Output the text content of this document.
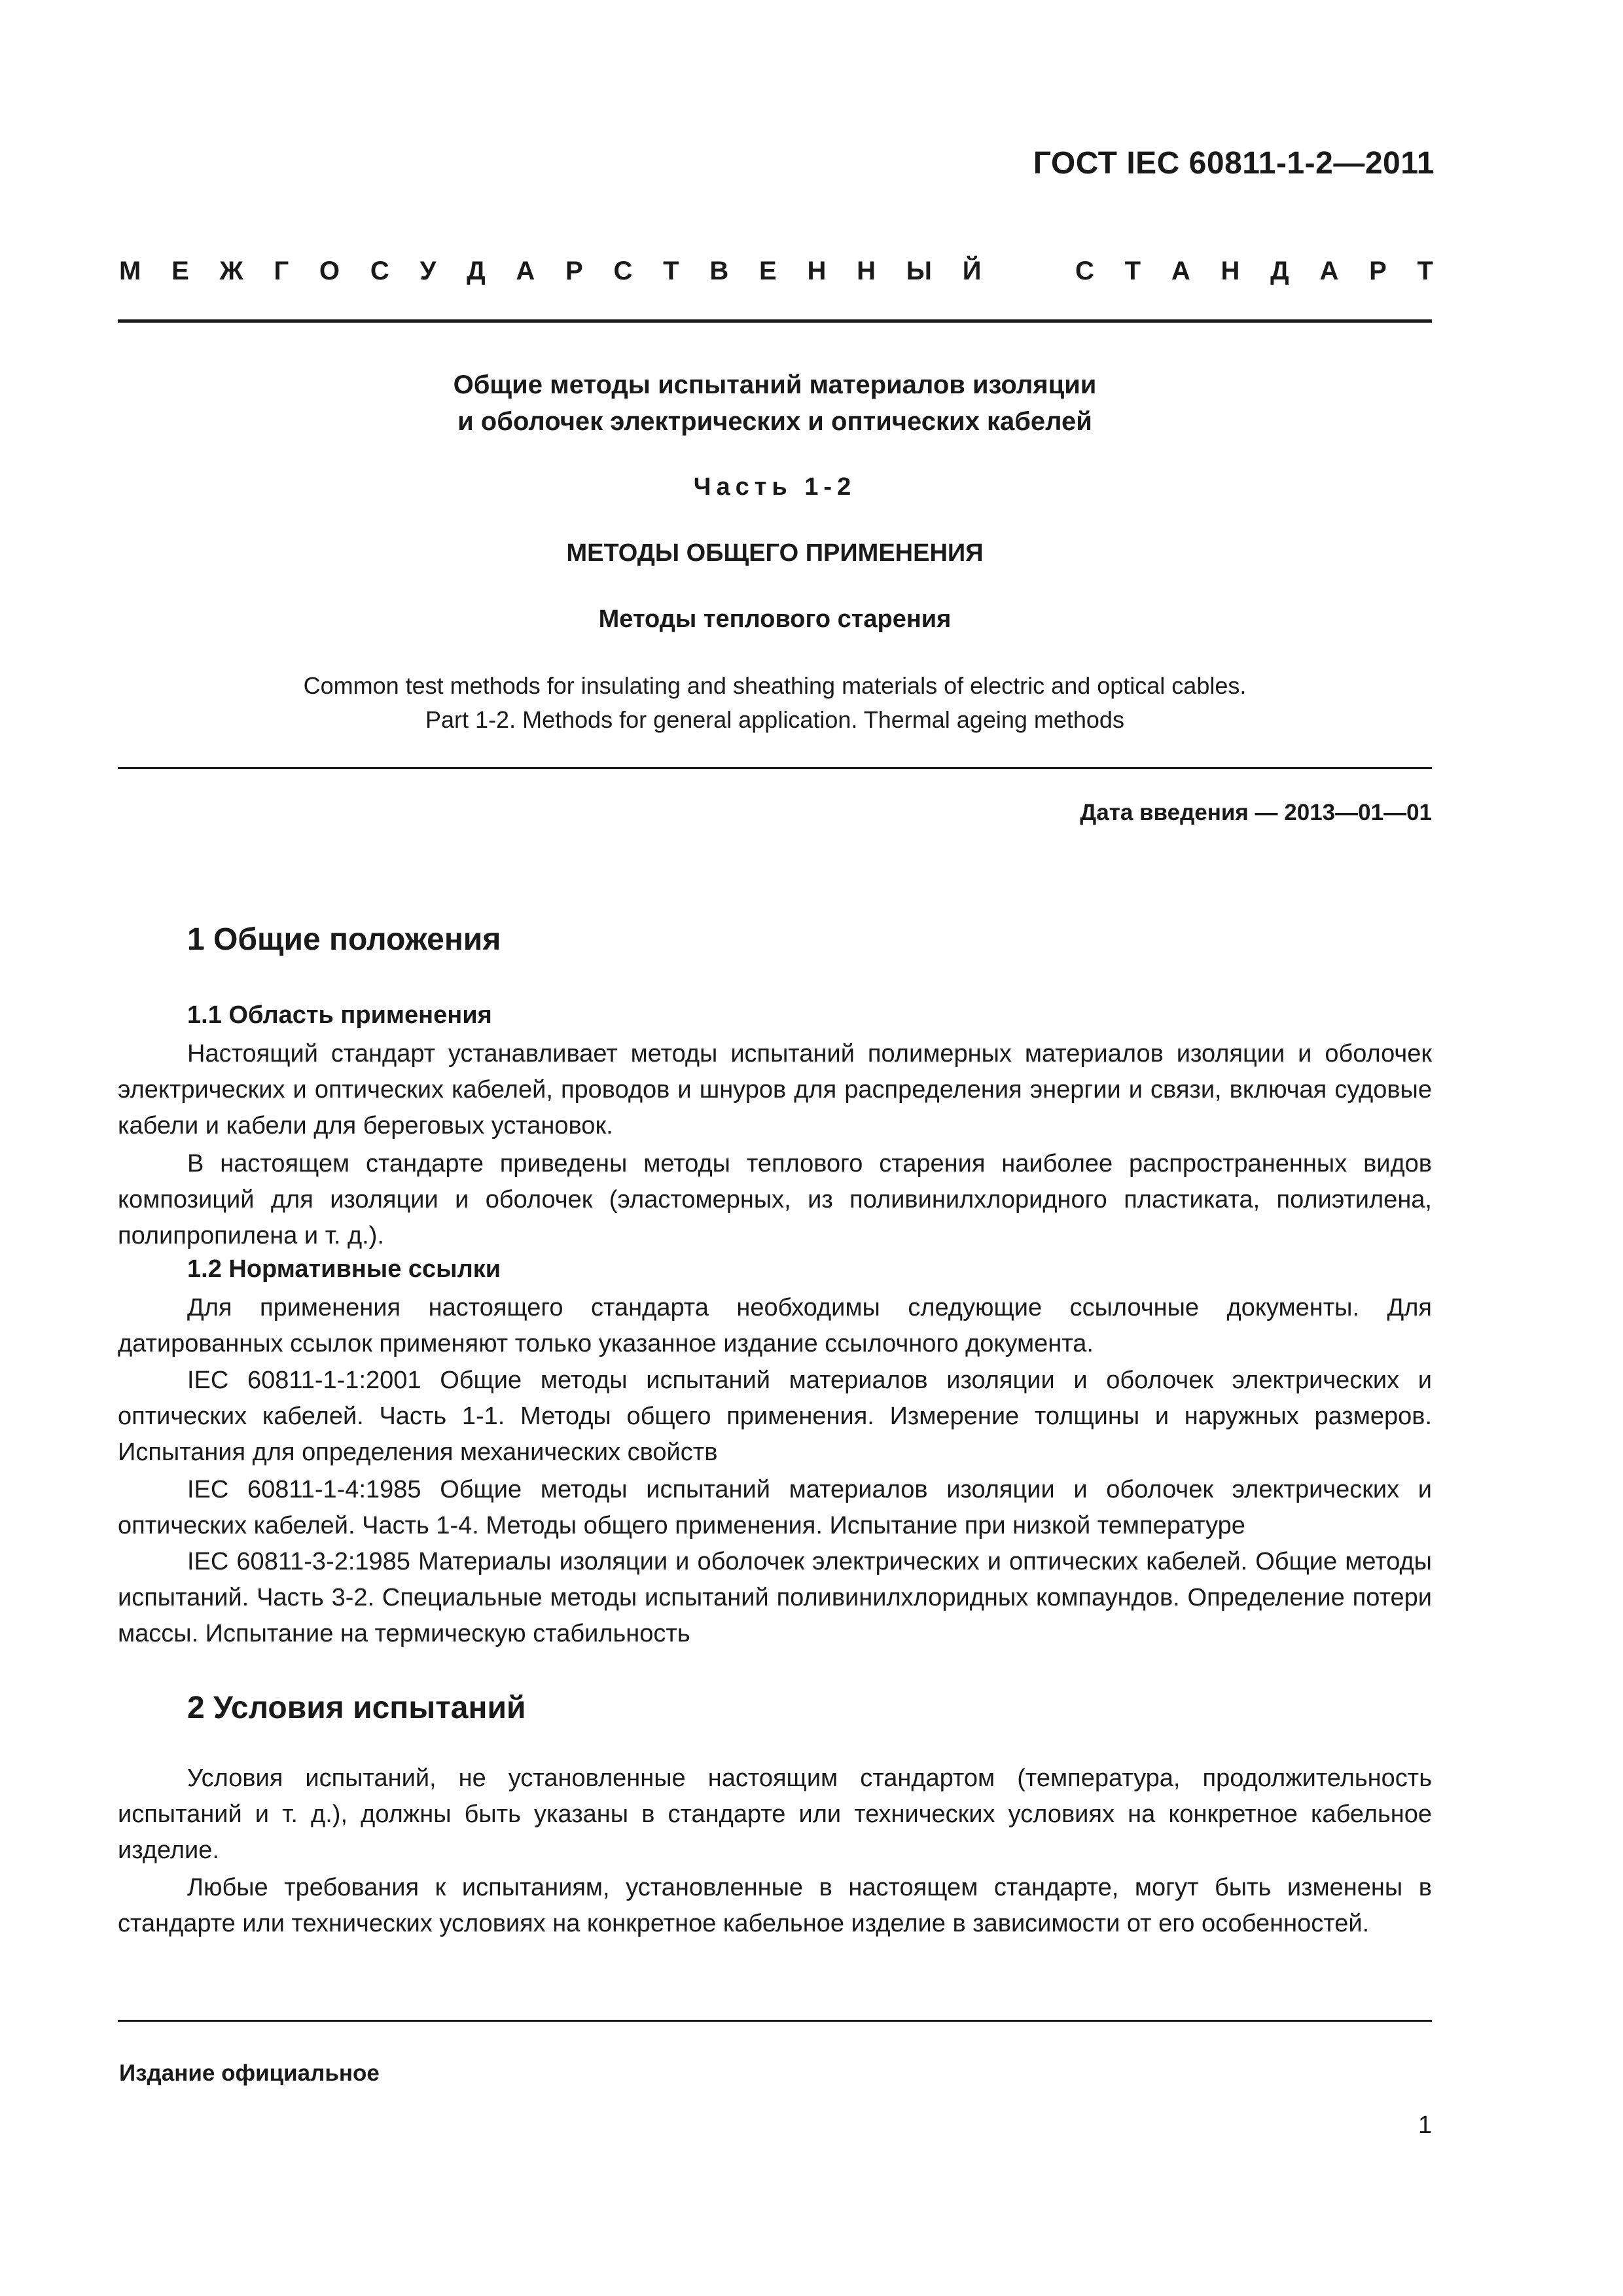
ГОСТ IEC 60811-1-2—2011
М Е Ж Г О С У Д А Р С Т В Е Н Н Ы Й	С Т А Н Д А Р Т
Общие методы испытаний материалов изоляции
и оболочек электрических и оптических кабелей
Часть 1-2
МЕТОДЫ ОБЩЕГО ПРИМЕНЕНИЯ
Методы теплового старения
Common test methods for insulating and sheathing materials of electric and optical cables.
Part 1-2. Methods for general application. Thermal ageing methods
Дата введения — 2013—01—01
1 Общие положения
1.1 Область применения

Настоящий стандарт устанавливает методы испытаний полимерных материалов изоляции и оболочек электрических и оптических кабелей, проводов и шнуров для распределения энергии и связи, включая судовые кабели и кабели для береговых установок.

В настоящем стандарте приведены методы теплового старения наиболее распространенных видов композиций для изоляции и оболочек (эластомерных, из поливинилхлоридного пластиката, полиэтилена, полипропилена и т. д.).

1.2 Нормативные ссылки

Для применения настоящего стандарта необходимы следующие ссылочные документы. Для датированных ссылок применяют только указанное издание ссылочного документа.

IEC 60811-1-1:2001 Общие методы испытаний материалов изоляции и оболочек электрических и оптических кабелей. Часть 1-1. Методы общего применения. Измерение толщины и наружных размеров. Испытания для определения механических свойств

IEC 60811-1-4:1985 Общие методы испытаний материалов изоляции и оболочек электрических и оптических кабелей. Часть 1-4. Методы общего применения. Испытание при низкой температуре

IEC 60811-3-2:1985 Материалы изоляции и оболочек электрических и оптических кабелей. Общие методы испытаний. Часть 3-2. Специальные методы испытаний поливинилхлоридных компаундов. Определение потери массы. Испытание на термическую стабильность

2 Условия испытаний

Условия испытаний, не установленные настоящим стандартом (температура, продолжительность испытаний и т. д.), должны быть указаны в стандарте или технических условиях на конкретное кабельное изделие.

Любые требования к испытаниям, установленные в настоящем стандарте, могут быть изменены в стандарте или технических условиях на конкретное кабельное изделие в зависимости от его особенностей.

Издание официальное
1
